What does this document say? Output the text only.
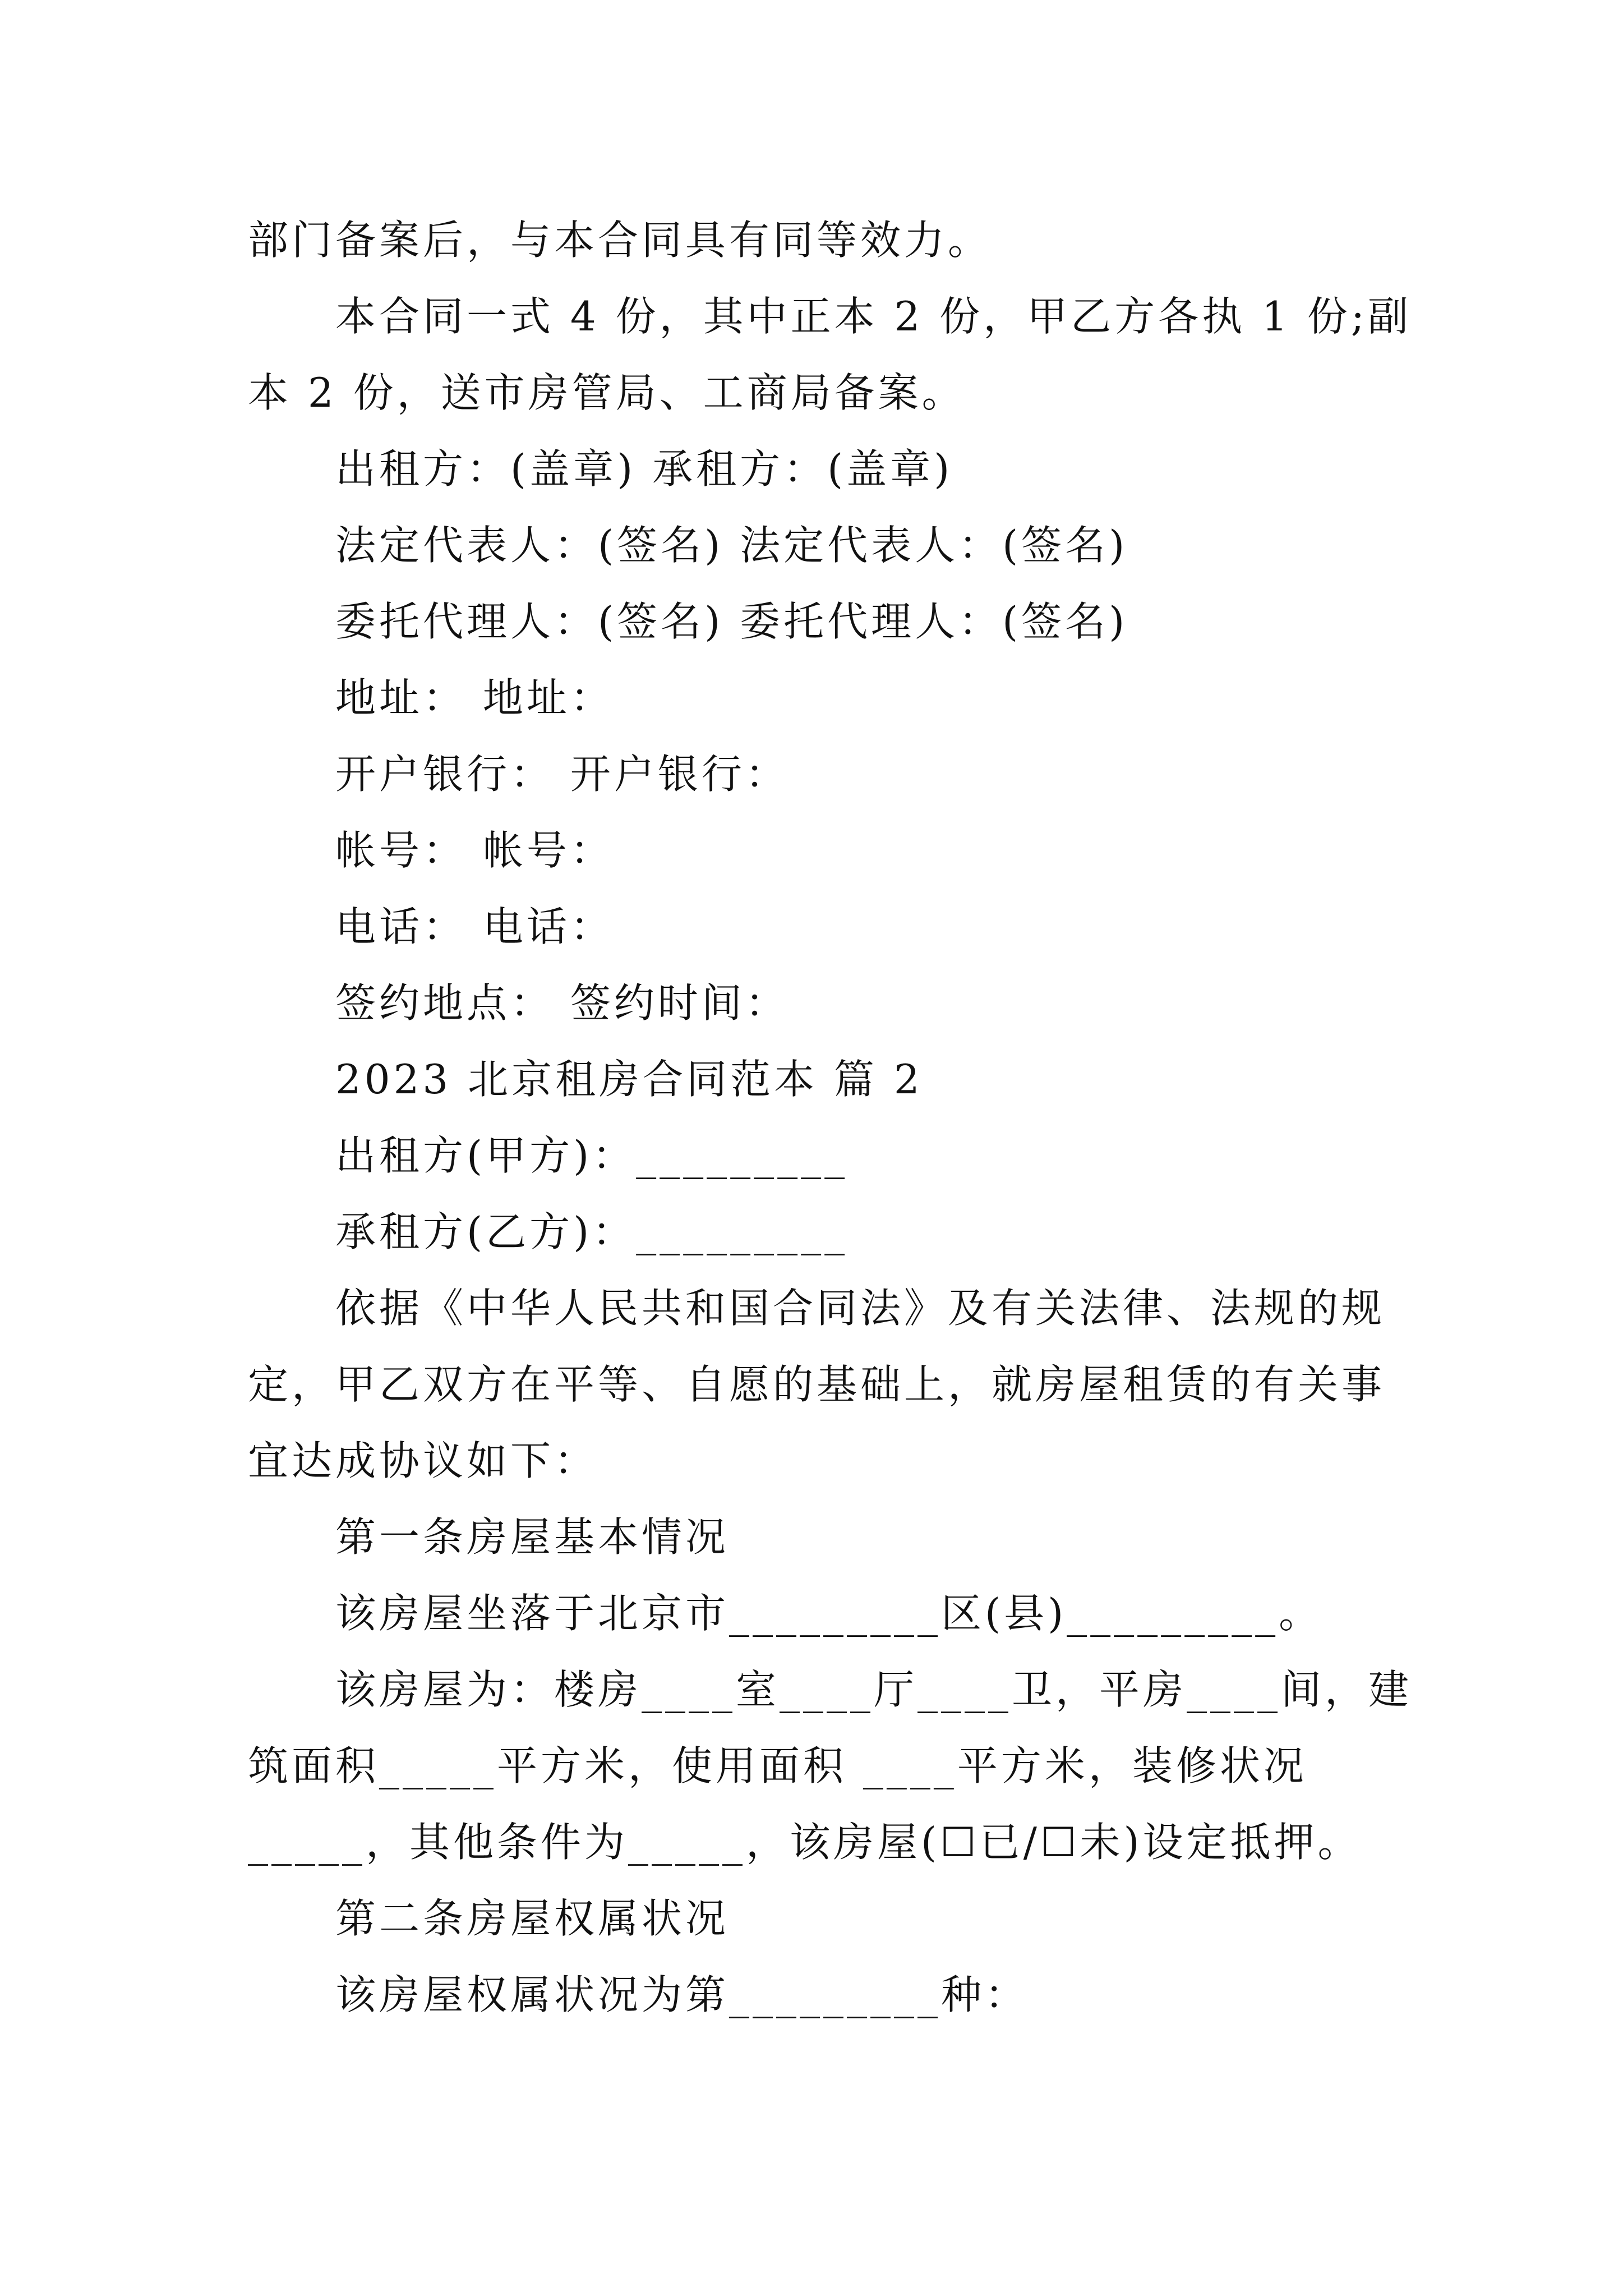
部门备案后，与本合同具有同等效力。
本合同一式 4 份，其中正本 2 份，甲乙方各执 1 份;副
本 2 份，送市房管局、工商局备案。
出租方：(盖章) 承租方：(盖章)
法定代表人：(签名) 法定代表人：(签名)
委托代理人：(签名) 委托代理人：(签名)
地址： 地址：
开户银行： 开户银行：
帐号： 帐号：
电话： 电话：
签约地点： 签约时间：
2023 北京租房合同范本 篇 2
出租方(甲方)：_________
承租方(乙方)：_________
依据《中华人民共和国合同法》及有关法律、法规的规
定，甲乙双方在平等、自愿的基础上，就房屋租赁的有关事
宜达成协议如下：
第一条房屋基本情况
该房屋坐落于北京市_________区(县)_________。
该房屋为：楼房____室____厅____卫，平房____间，建
筑面积_____平方米，使用面积 ____平方米，装修状况
_____，其他条件为_____，该房屋(☐已/☐未)设定抵押。
第二条房屋权属状况
该房屋权属状况为第_________种：
